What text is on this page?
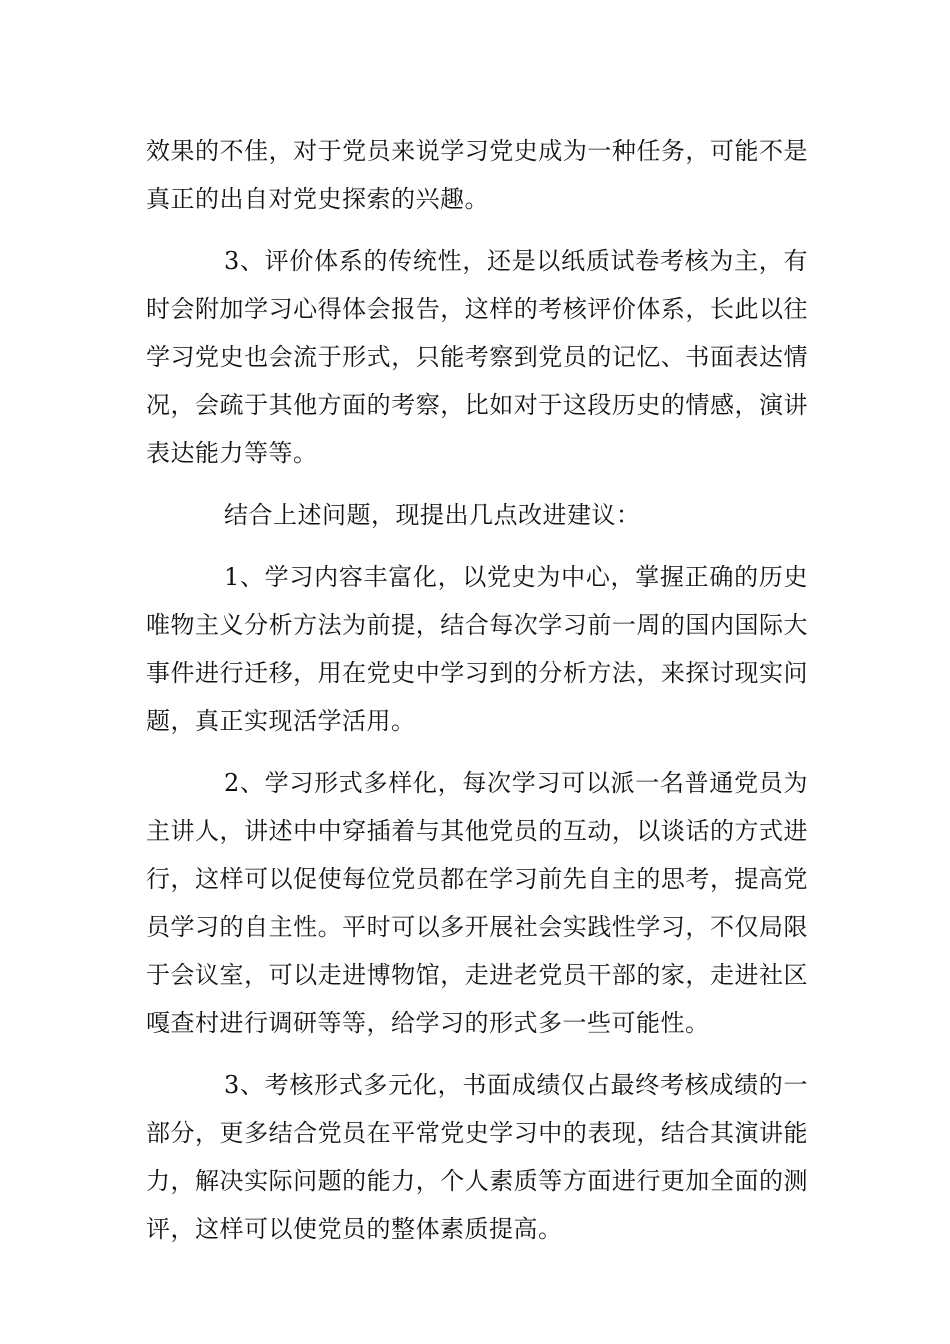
效果的不佳，对于党员来说学习党史成为一种任务，可能不是真正的出自对党史探索的兴趣。

3、评价体系的传统性，还是以纸质试卷考核为主，有时会附加学习心得体会报告，这样的考核评价体系，长此以往学习党史也会流于形式，只能考察到党员的记忆、书面表达情况，会疏于其他方面的考察，比如对于这段历史的情感，演讲表达能力等等。

结合上述问题，现提出几点改进建议：

1、学习内容丰富化，以党史为中心，掌握正确的历史唯物主义分析方法为前提，结合每次学习前一周的国内国际大事件进行迁移，用在党史中学习到的分析方法，来探讨现实问题，真正实现活学活用。

2、学习形式多样化，每次学习可以派一名普通党员为主讲人，讲述中中穿插着与其他党员的互动，以谈话的方式进行，这样可以促使每位党员都在学习前先自主的思考，提高党员学习的自主性。平时可以多开展社会实践性学习，不仅局限于会议室，可以走进博物馆，走进老党员干部的家，走进社区嘎查村进行调研等等，给学习的形式多一些可能性。

3、考核形式多元化，书面成绩仅占最终考核成绩的一部分，更多结合党员在平常党史学习中的表现，结合其演讲能力，解决实际问题的能力，个人素质等方面进行更加全面的测评，这样可以使党员的整体素质提高。
